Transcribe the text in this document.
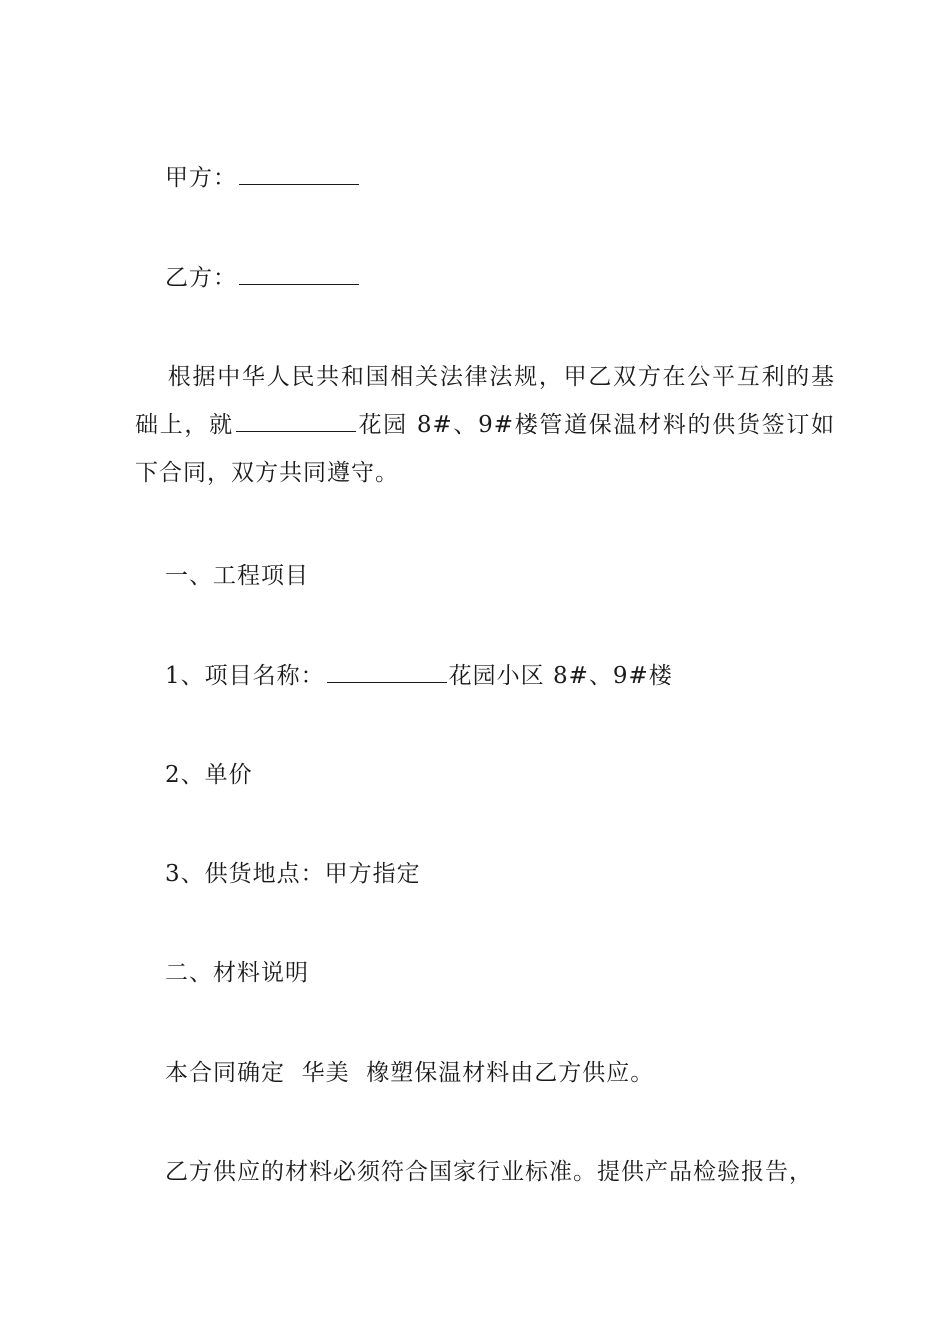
甲方：
乙方：
根据中华人民共和国相关法律法规，甲乙双方在公平互利的基础上，就	花园 8#、9#楼管道保温材料的供货签订如下合同，双方共同遵守。
一、工程项目
1、项目名称：	花园小区 8#、9#楼
2、单价
3、供货地点：甲方指定
二、材料说明
本合同确定  华美  橡塑保温材料由乙方供应。
乙方供应的材料必须符合国家行业标准。提供产品检验报告，
